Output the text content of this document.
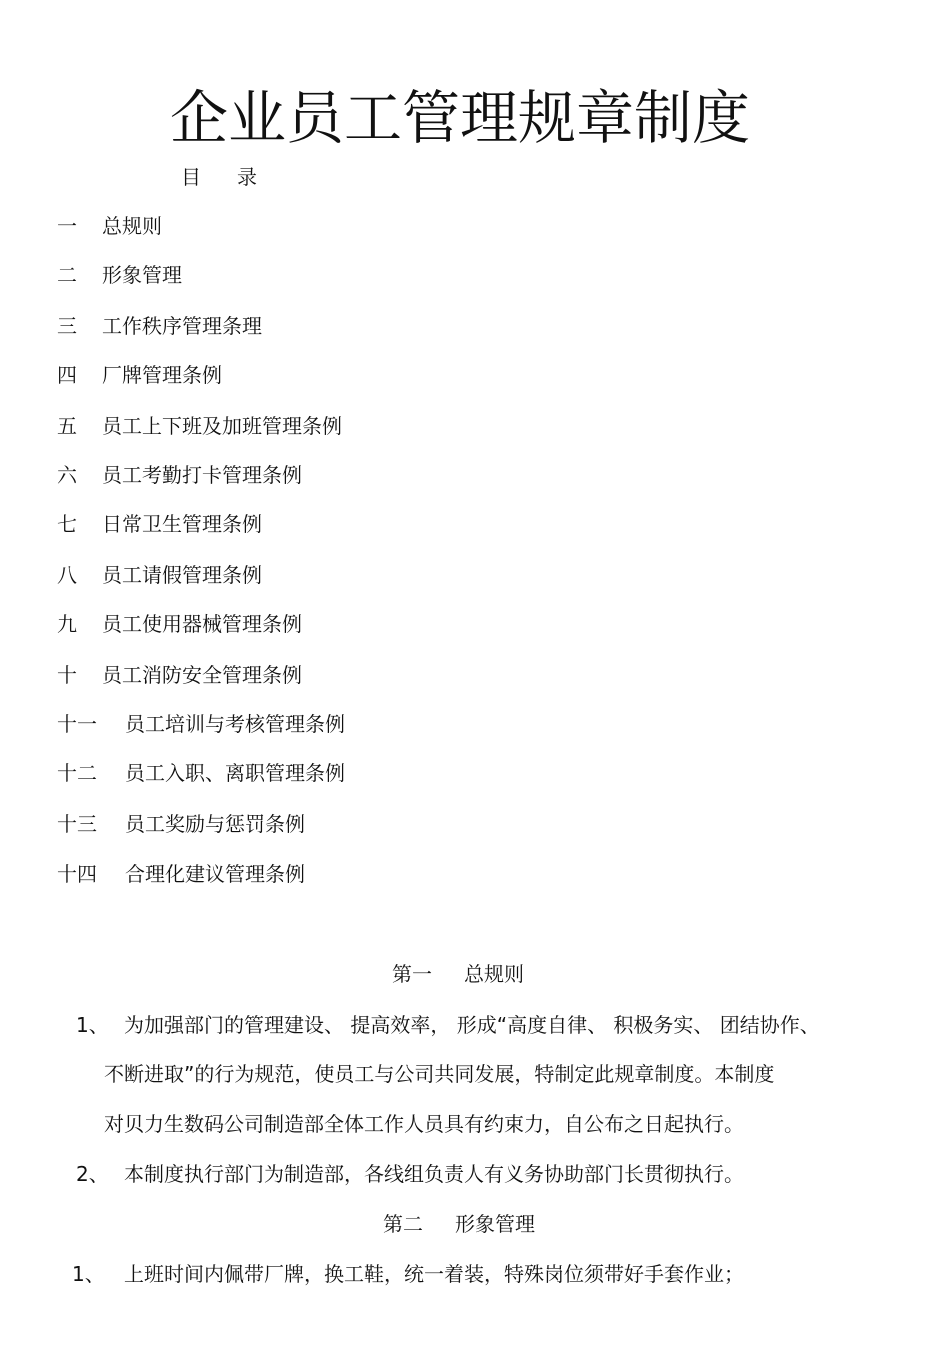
企业员工管理规章制度
目 录
一 总规则
二 形象管理
三 工作秩序管理条理
四 厂牌管理条例
五 员工上下班及加班管理条例
六 员工考勤打卡管理条例
七 日常卫生管理条例
八 员工请假管理条例
九 员工使用器械管理条例
十 员工消防安全管理条例
十一 员工培训与考核管理条例
十二 员工入职、离职管理条例
十三 员工奖励与惩罚条例
十四 合理化建议管理条例
第一 总规则
1、 为加强部门的管理建设、 提高效率， 形成“高度自律、 积极务实、 团结协作、
不断进取”的行为规范，使员工与公司共同发展，特制定此规章制度。本制度
对贝力生数码公司制造部全体工作人员具有约束力，自公布之日起执行。
2、 本制度执行部门为制造部，各线组负责人有义务协助部门长贯彻执行。
第二 形象管理
1、 上班时间内佩带厂牌，换工鞋，统一着装，特殊岗位须带好手套作业；
